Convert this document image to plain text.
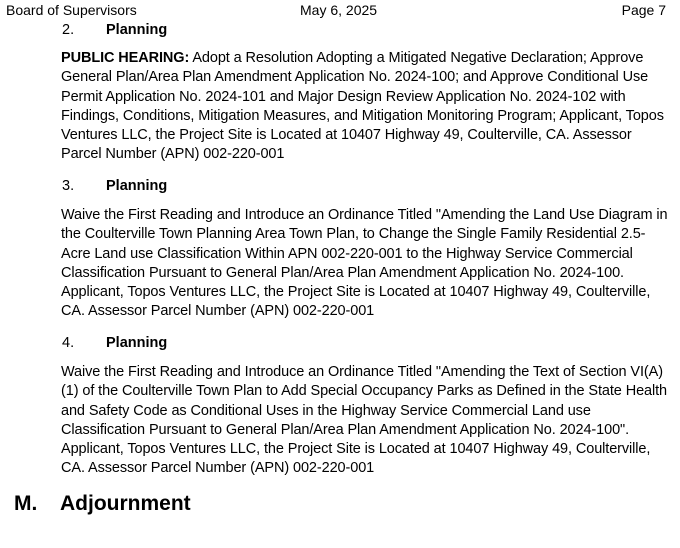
Board of Supervisors	May 6, 2025	Page 7
2. Planning
PUBLIC HEARING: Adopt a Resolution Adopting a Mitigated Negative Declaration; Approve General Plan/Area Plan Amendment Application No. 2024-100; and Approve Conditional Use Permit Application No. 2024-101 and Major Design Review Application No. 2024-102 with Findings, Conditions, Mitigation Measures, and Mitigation Monitoring Program; Applicant, Topos Ventures LLC, the Project Site is Located at 10407 Highway 49, Coulterville, CA. Assessor Parcel Number (APN) 002-220-001
3. Planning
Waive the First Reading and Introduce an Ordinance Titled "Amending the Land Use Diagram in the Coulterville Town Planning Area Town Plan, to Change the Single Family Residential 2.5-Acre Land use Classification Within APN 002-220-001 to the Highway Service Commercial Classification Pursuant to General Plan/Area Plan Amendment Application No. 2024-100. Applicant, Topos Ventures LLC, the Project Site is Located at 10407 Highway 49, Coulterville, CA. Assessor Parcel Number (APN) 002-220-001
4. Planning
Waive the First Reading and Introduce an Ordinance Titled "Amending the Text of Section VI(A)(1) of the Coulterville Town Plan to Add Special Occupancy Parks as Defined in the State Health and Safety Code as Conditional Uses in the Highway Service Commercial Land use Classification Pursuant to General Plan/Area Plan Amendment Application No. 2024-100". Applicant, Topos Ventures LLC, the Project Site is Located at 10407 Highway 49, Coulterville, CA. Assessor Parcel Number (APN) 002-220-001
M. Adjournment
